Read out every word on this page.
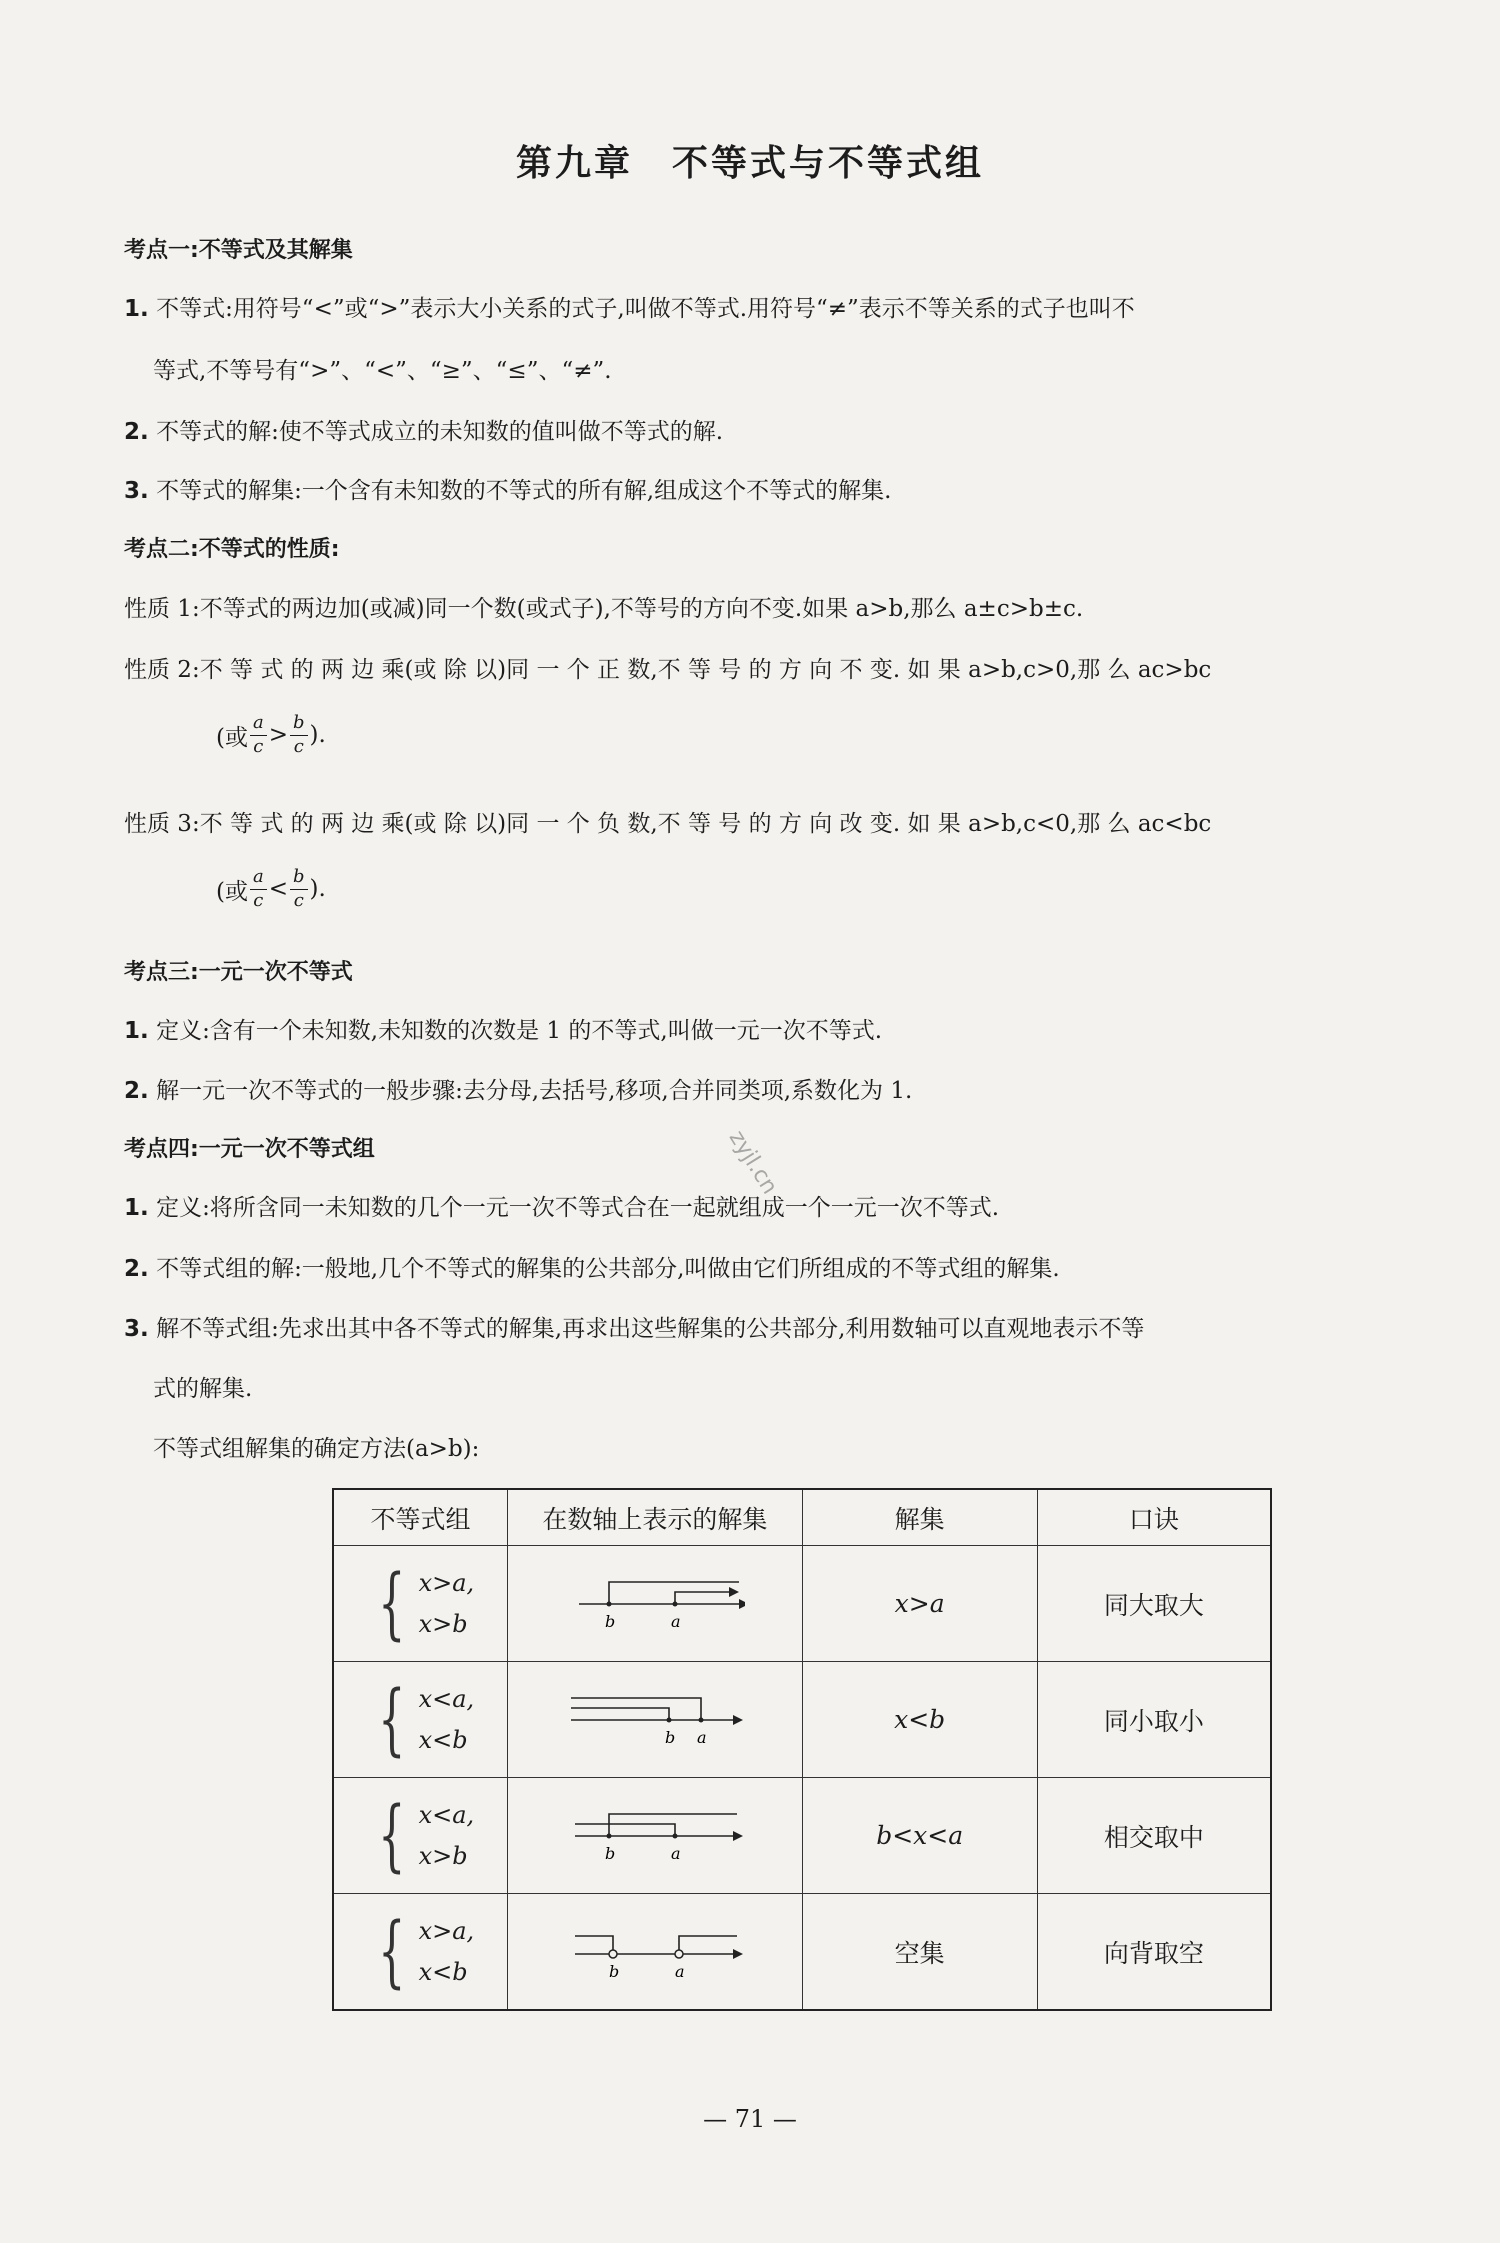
第九章　不等式与不等式组

考点一:不等式及其解集

1. 不等式:用符号“<”或“>”表示大小关系的式子,叫做不等式.用符号“≠”表示不等关系的式子也叫不

等式,不等号有“>”、“<”、“≥”、“≤”、“≠”.

2. 不等式的解:使不等式成立的未知数的值叫做不等式的解.

3. 不等式的解集:一个含有未知数的不等式的所有解,组成这个不等式的解集.

考点二:不等式的性质:

性质 1:不等式的两边加(或减)同一个数(或式子),不等号的方向不变.如果 a>b,那么 a±c>b±c.

性质 2:不 等 式 的 两 边 乘(或 除 以)同 一 个 正 数,不 等 号 的 方 向 不 变. 如 果 a>b,c>0,那 么 ac>bc

(或 $\frac{a}{c} > \frac{b}{c}$ ).

性质 3:不 等 式 的 两 边 乘(或 除 以)同 一 个 负 数,不 等 号 的 方 向 改 变. 如 果 a>b,c<0,那 么 ac<bc

(或 $\frac{a}{c} < \frac{b}{c}$ ).

考点三:一元一次不等式

1. 定义:含有一个未知数,未知数的次数是 1 的不等式,叫做一元一次不等式.

2. 解一元一次不等式的一般步骤:去分母,去括号,移项,合并同类项,系数化为 1.

考点四:一元一次不等式组

1. 定义:将所含同一未知数的几个一元一次不等式合在一起就组成一个一元一次不等式.

2. 不等式组的解:一般地,几个不等式的解集的公共部分,叫做由它们所组成的不等式组的解集.

3. 解不等式组:先求出其中各不等式的解集,再求出这些解集的公共部分,利用数轴可以直观地表示不等

式的解集.

不等式组解集的确定方法(a>b):

zyjl.cn
不等式组	在数轴上表示的解集	解集	口诀

{ x>a,
x>b	b a	x>a	同大取大

{ x<a,
x<b	b a	x<b	同小取小

{ x<a,
x>b	b a	b<x<a	相交取中

{ x>a,
x<b	b a	空集	向背取空
— 71 —
